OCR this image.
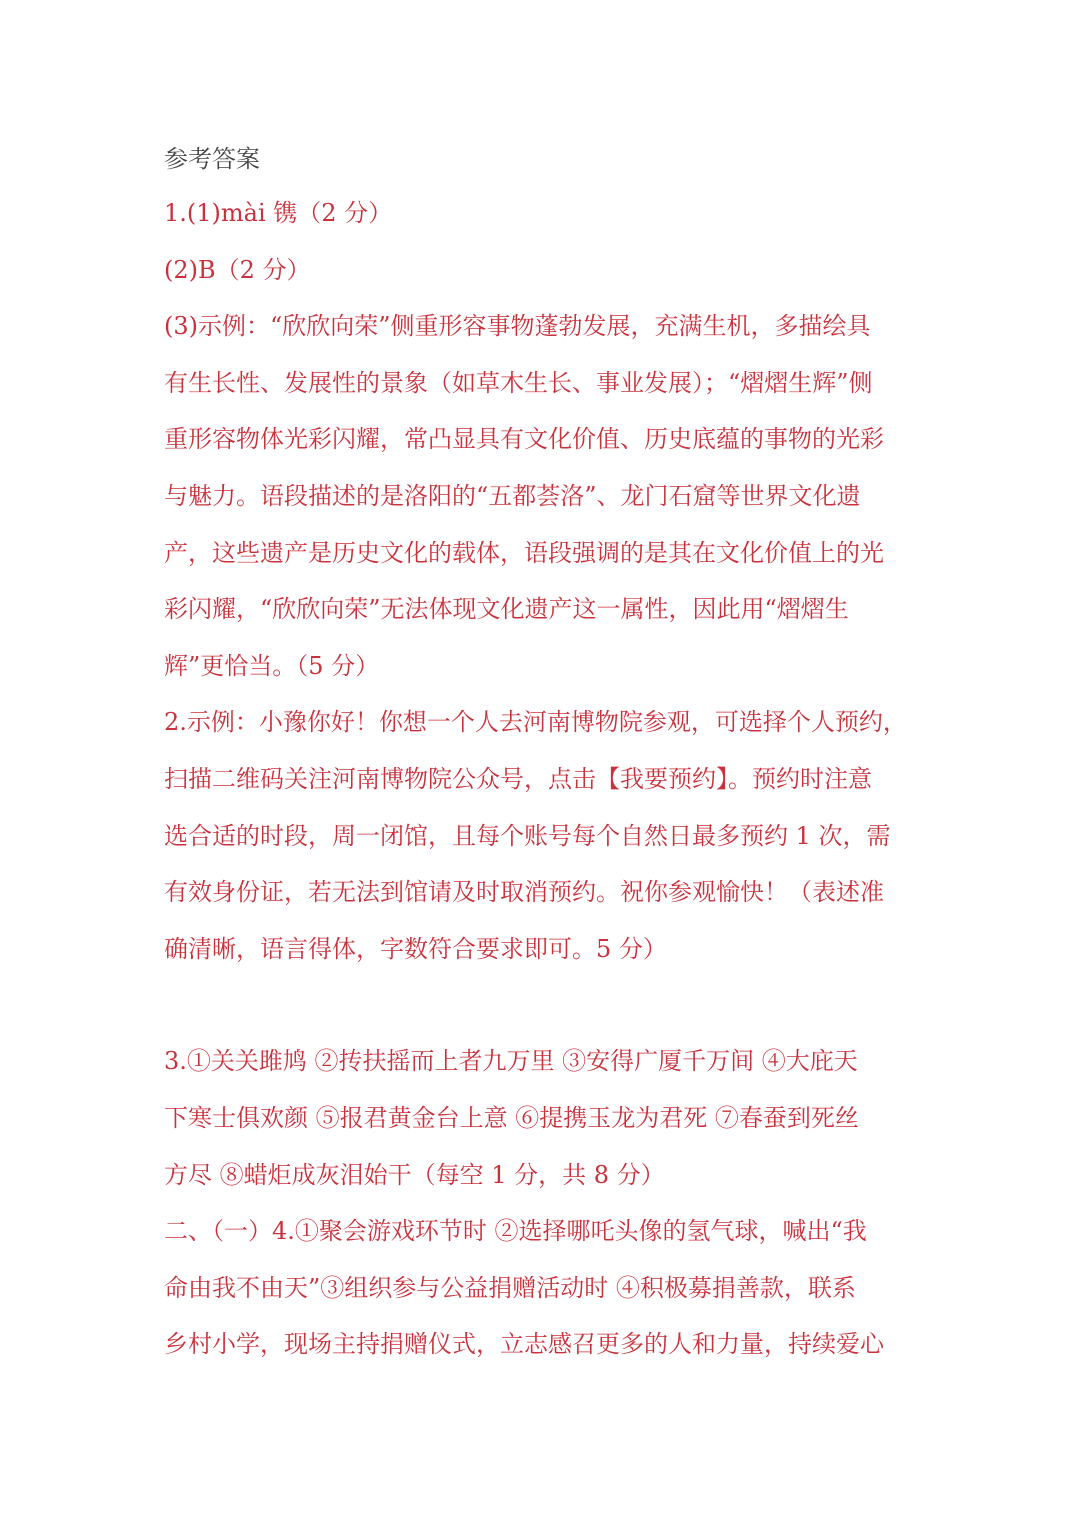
参考答案

1.(1)mài 镌（2 分）

(2)B（2 分）

(3)示例：“欣欣向荣”侧重形容事物蓬勃发展，充满生机，多描绘具

有生长性、发展性的景象（如草木生长、事业发展）；“熠熠生辉”侧

重形容物体光彩闪耀，常凸显具有文化价值、历史底蕴的事物的光彩

与魅力。语段描述的是洛阳的“五都荟洛”、龙门石窟等世界文化遗

产，这些遗产是历史文化的载体，语段强调的是其在文化价值上的光

彩闪耀，“欣欣向荣”无法体现文化遗产这一属性，因此用“熠熠生

辉”更恰当。（5 分）

2.示例：小豫你好！你想一个人去河南博物院参观，可选择个人预约，

扫描二维码关注河南博物院公众号，点击【我要预约】。预约时注意

选合适的时段，周一闭馆，且每个账号每个自然日最多预约 1 次，需

有效身份证，若无法到馆请及时取消预约。祝你参观愉快！（表述准

确清晰，语言得体，字数符合要求即可。5 分）

3.①关关雎鸠 ②抟扶摇而上者九万里 ③安得广厦千万间 ④大庇天

下寒士俱欢颜 ⑤报君黄金台上意 ⑥提携玉龙为君死 ⑦春蚕到死丝

方尽 ⑧蜡炬成灰泪始干（每空 1 分，共 8 分）

二、（一）4.①聚会游戏环节时 ②选择哪吒头像的氢气球，喊出“我

命由我不由天”③组织参与公益捐赠活动时 ④积极募捐善款，联系

乡村小学，现场主持捐赠仪式，立志感召更多的人和力量，持续爱心
